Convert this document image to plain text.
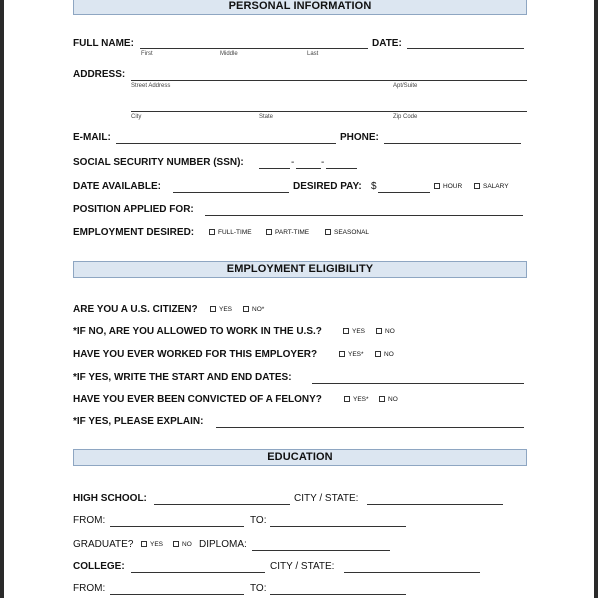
PERSONAL INFORMATION
FULL NAME:
First	Middle	Last
DATE:
ADDRESS:
Street Address	Apt/Suite
City	State	Zip Code
E-MAIL:	PHONE:
SOCIAL SECURITY NUMBER (SSN):	-	-
DATE AVAILABLE:	DESIRED PAY: $	HOUR	SALARY
POSITION APPLIED FOR:
EMPLOYMENT DESIRED:	FULL-TIME	PART-TIME	SEASONAL
EMPLOYMENT ELIGIBILITY
ARE YOU A U.S. CITIZEN?	YES	NO*
*IF NO, ARE YOU ALLOWED TO WORK IN THE U.S.?	YES	NO
HAVE YOU EVER WORKED FOR THIS EMPLOYER?	YES*	NO
*IF YES, WRITE THE START AND END DATES:
HAVE YOU EVER BEEN CONVICTED OF A FELONY?	YES*	NO
*IF YES, PLEASE EXPLAIN:
EDUCATION
HIGH SCHOOL:	CITY / STATE:
FROM:	TO:
GRADUATE?	YES	NO DIPLOMA:
COLLEGE:	CITY / STATE:
FROM:	TO:
